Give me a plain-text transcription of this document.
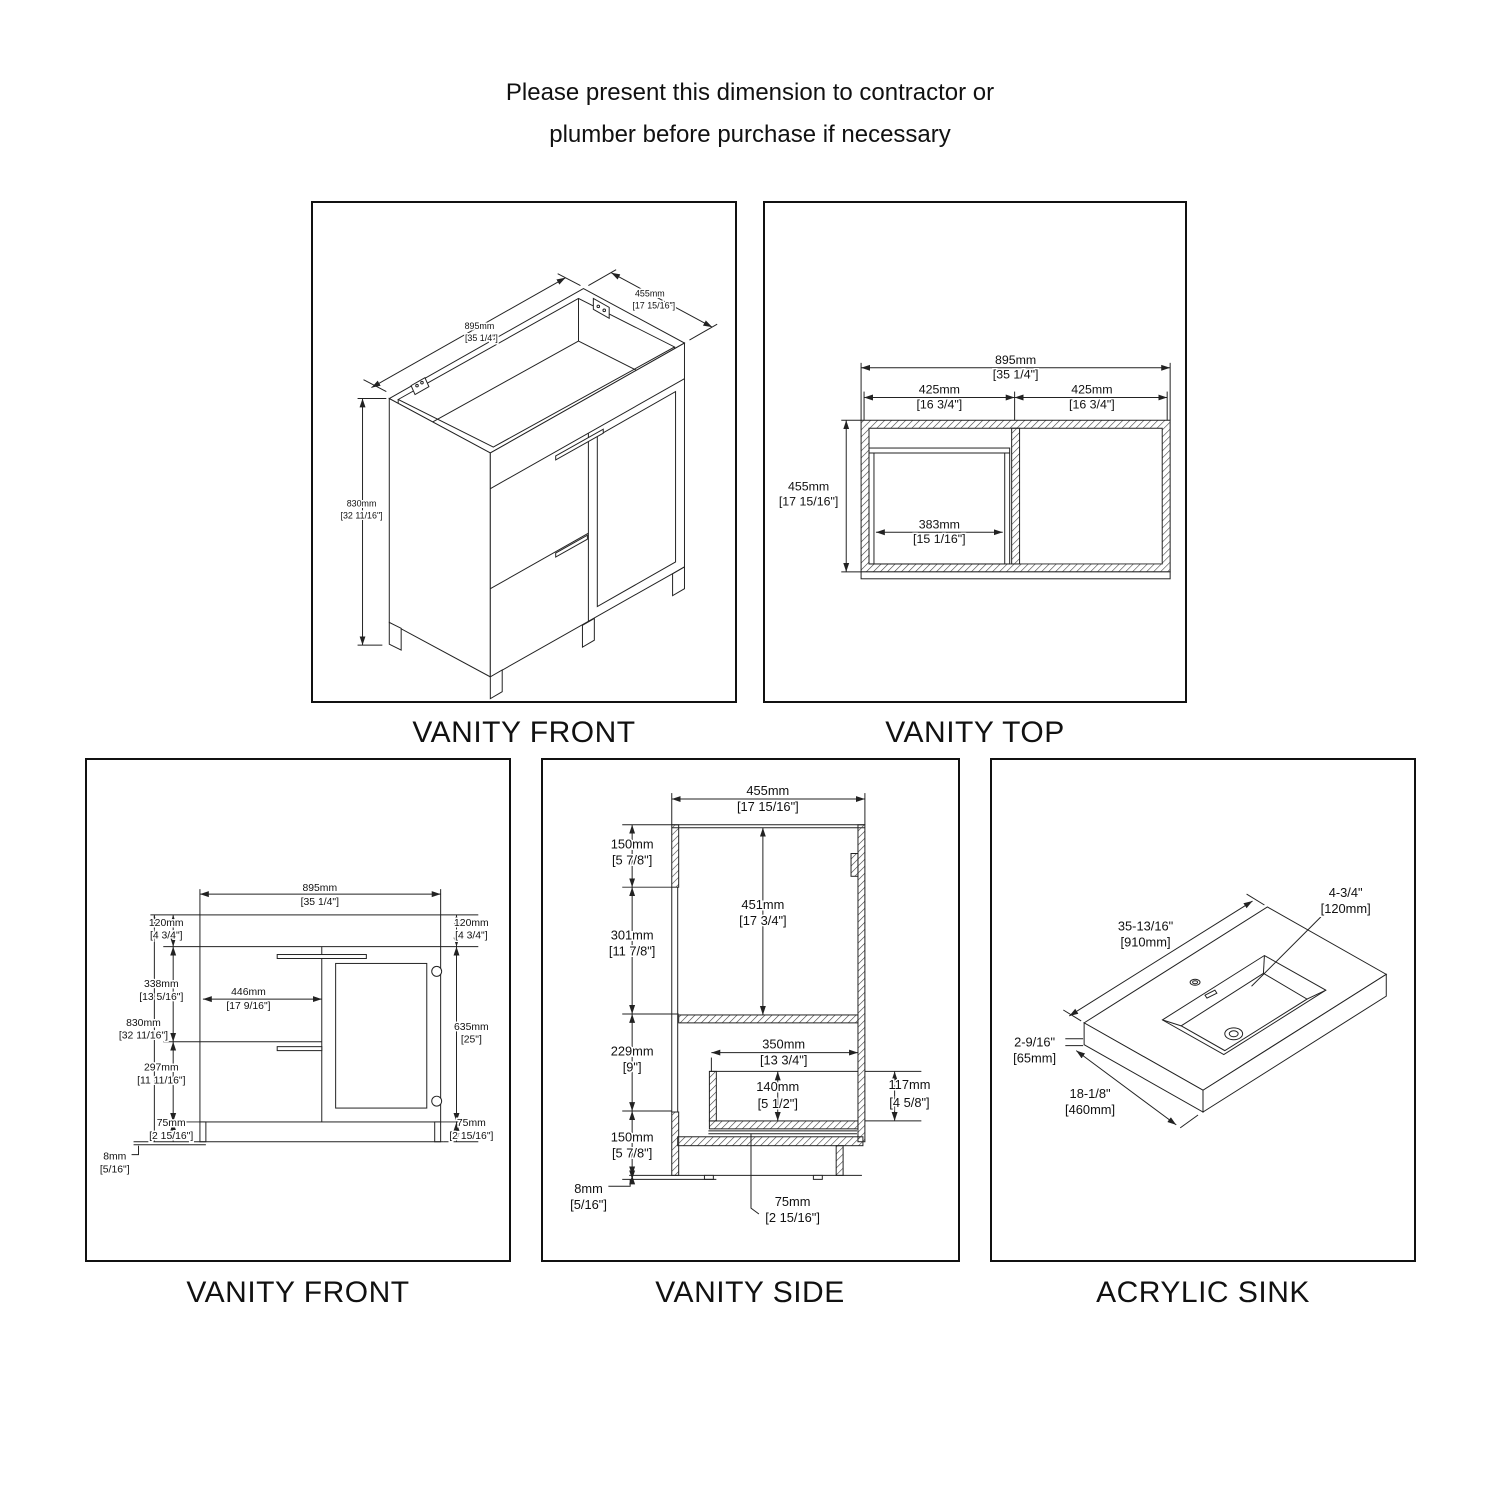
Please present this dimension to contractor or
plumber before purchase if necessary
455mm
[17 15/16"]
895mm
[35 1/4"]
830mm
[32 11/16"]
895mm
[35 1/4"]
425mm
[16 3/4"]
425mm
[16 3/4"]
455mm
[17 15/16"]
383mm
[15 1/16"]
895mm
[35 1/4"]
120mm
[4 3/4"]
338mm
[13 5/16"]	446mm
[17 9/16"]
830mm
[32 11/16"]
297mm
[11 11/16"]
75mm
[2 15/16"]
8mm
[5/16"]
120mm
[4 3/4"]
635mm
[25"]
75mm
[2 15/16"]
455mm
[17 15/16"]
150mm
[5 7/8"]
451mm
[17 3/4"]
301mm
[11 7/8"]
229mm
[9"]
350mm
[13 3/4"]
140mm
[5 1/2"]
117mm
[4 5/8"]
150mm
[5 7/8"]
8mm
[5/16"]	75mm
[2 15/16"]
4-3/4"
[120mm]
35-13/16"
[910mm]
2-9/16"
[65mm]
18-1/8"
[460mm]
VANITY FRONT	VANITY TOP
VANITY FRONT	VANITY SIDE	ACRYLIC SINK
